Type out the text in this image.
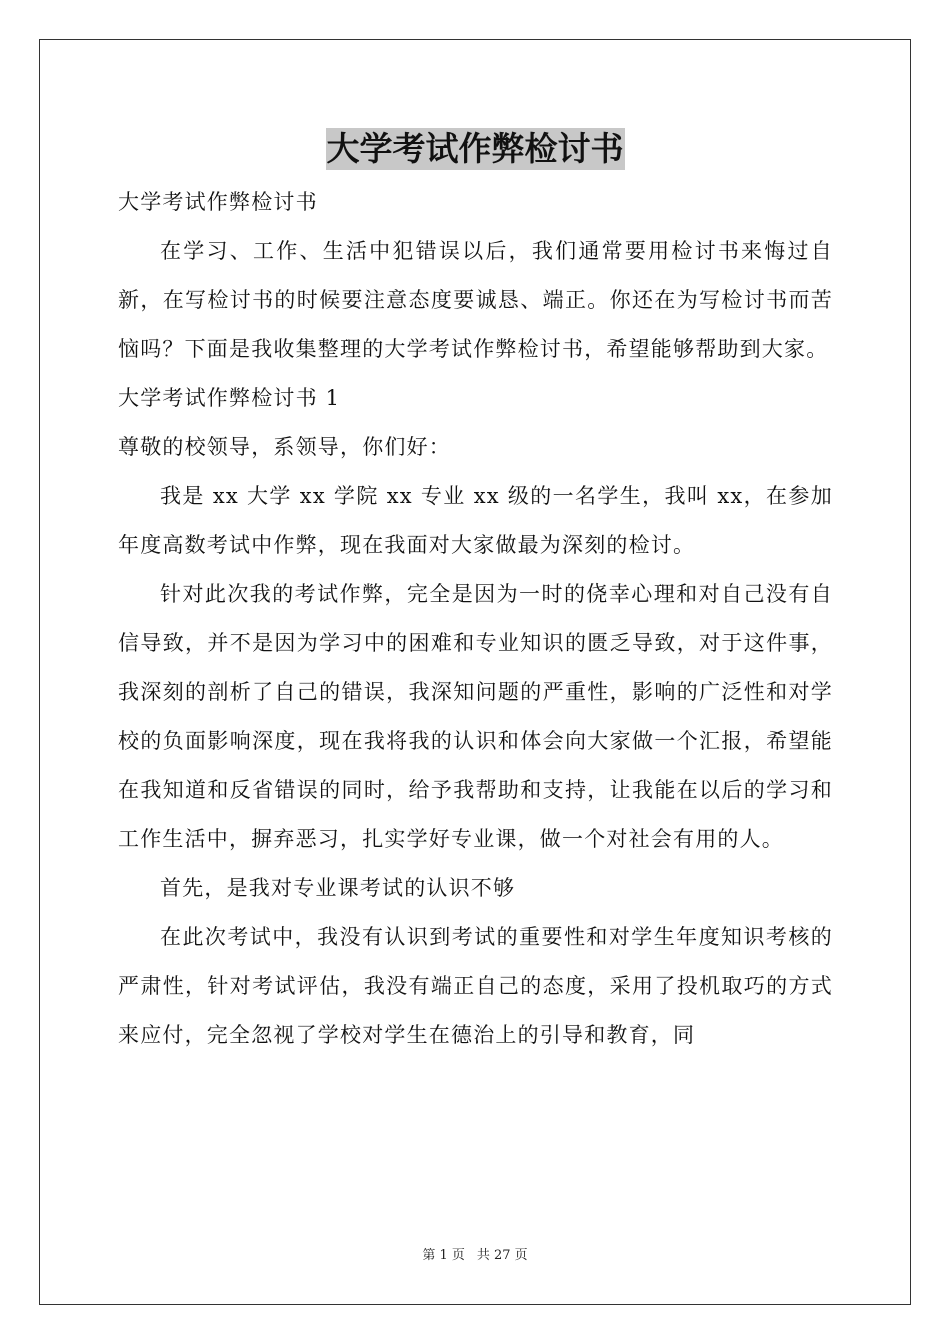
大学考试作弊检讨书

大学考试作弊检讨书

在学习、工作、生活中犯错误以后，我们通常要用检讨书来悔过自新，在写检讨书的时候要注意态度要诚恳、端正。你还在为写检讨书而苦恼吗？下面是我收集整理的大学考试作弊检讨书，希望能够帮助到大家。

大学考试作弊检讨书 1

尊敬的校领导，系领导，你们好：

我是 xx 大学 xx 学院 xx 专业 xx 级的一名学生，我叫 xx，在参加年度高数考试中作弊，现在我面对大家做最为深刻的检讨。

针对此次我的考试作弊，完全是因为一时的侥幸心理和对自己没有自信导致，并不是因为学习中的困难和专业知识的匮乏导致，对于这件事，我深刻的剖析了自己的错误，我深知问题的严重性，影响的广泛性和对学校的负面影响深度，现在我将我的认识和体会向大家做一个汇报，希望能在我知道和反省错误的同时，给予我帮助和支持，让我能在以后的学习和工作生活中，摒弃恶习，扎实学好专业课，做一个对社会有用的人。

首先，是我对专业课考试的认识不够

在此次考试中，我没有认识到考试的重要性和对学生年度知识考核的严肃性，针对考试评估，我没有端正自己的态度，采用了投机取巧的方式来应付，完全忽视了学校对学生在德治上的引导和教育，同

第 1 页 共 27 页
